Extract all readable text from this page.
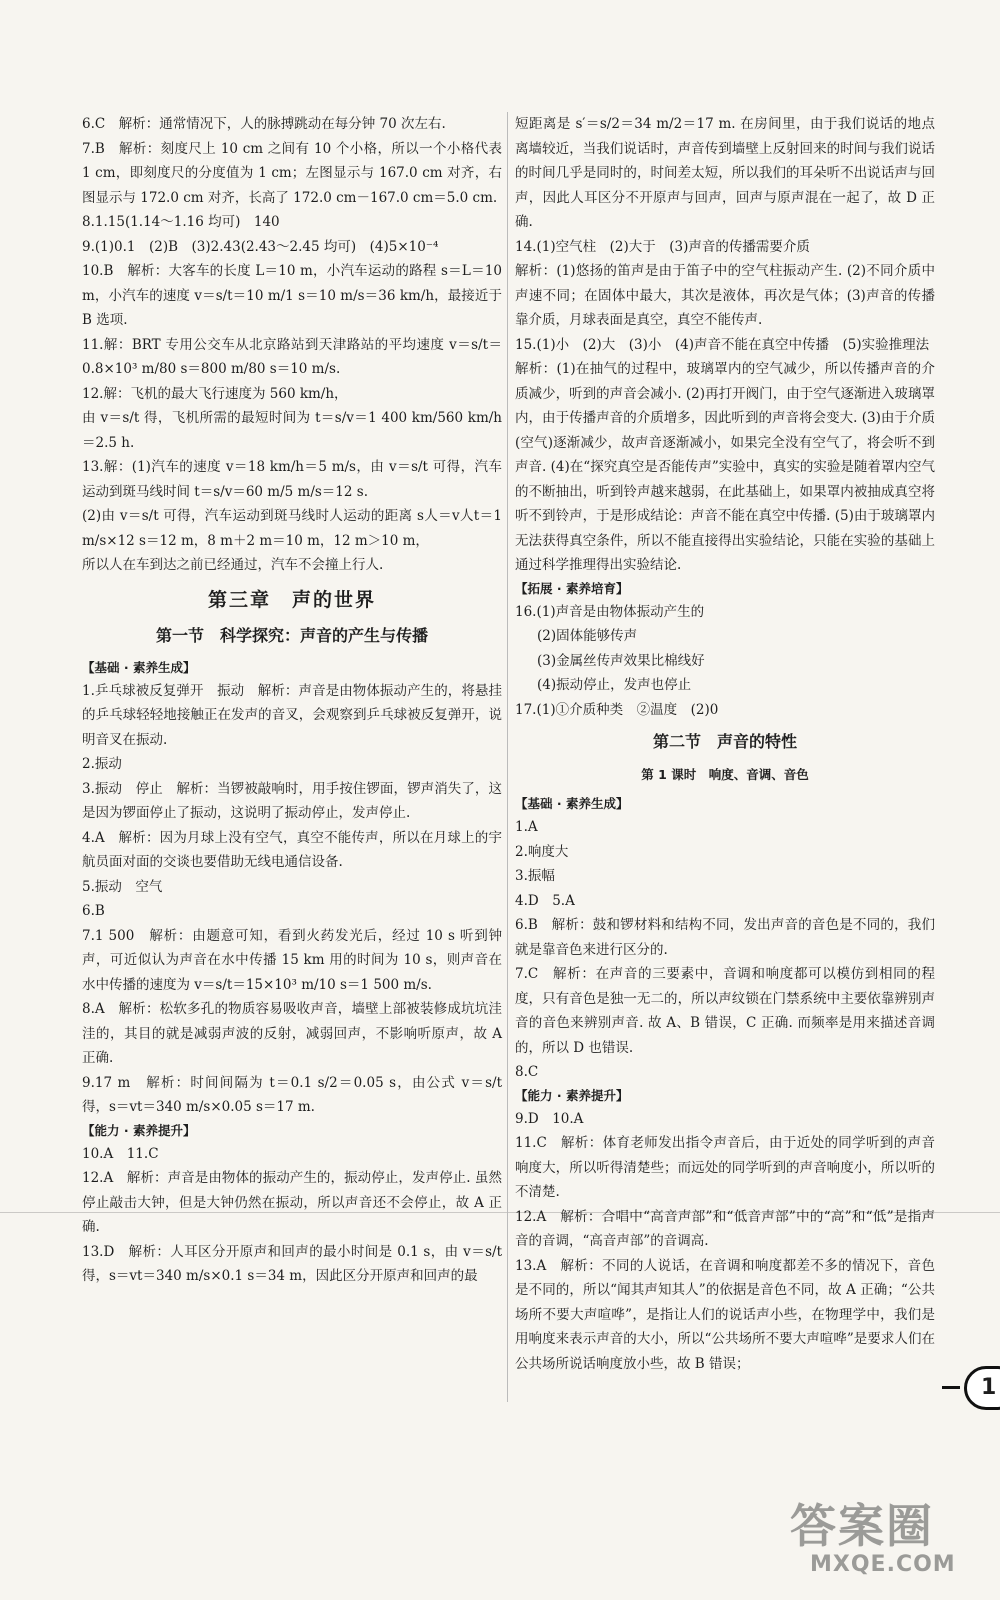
6.C　解析：通常情况下，人的脉搏跳动在每分钟 70 次左右.

7.B　解析：刻度尺上 10 cm 之间有 10 个小格，所以一个小格代表 1 cm，即刻度尺的分度值为 1 cm；左图显示与 167.0 cm 对齐，右图显示与 172.0 cm 对齐，长高了 172.0 cm－167.0 cm＝5.0 cm.

8.1.15(1.14～1.16 均可)　140

9.(1)0.1　(2)B　(3)2.43(2.43～2.45 均可)　(4)5×10⁻⁴

10.B　解析：大客车的长度 L＝10 m，小汽车运动的路程 s＝L＝10 m，小汽车的速度 v＝s/t＝10 m/1 s＝10 m/s＝36 km/h，最接近于 B 选项.

11.解：BRT 专用公交车从北京路站到天津路站的平均速度 v＝s/t＝0.8×10³ m/80 s＝800 m/80 s＝10 m/s.

12.解：飞机的最大飞行速度为 560 km/h，

由 v＝s/t 得，飞机所需的最短时间为 t＝s/v＝1 400 km/560 km/h＝2.5 h.

13.解：(1)汽车的速度 v＝18 km/h＝5 m/s，由 v＝s/t 可得，汽车运动到斑马线时间 t＝s/v＝60 m/5 m/s＝12 s.

(2)由 v＝s/t 可得，汽车运动到斑马线时人运动的距离 s人＝v人t＝1 m/s×12 s＝12 m，8 m＋2 m＝10 m，12 m＞10 m，

所以人在车到达之前已经通过，汽车不会撞上行人.

第三章　声的世界
第一节　科学探究：声音的产生与传播
【基础 · 素养生成】

1.乒乓球被反复弹开　振动　解析：声音是由物体振动产生的，将悬挂的乒乓球轻轻地接触正在发声的音叉，会观察到乒乓球被反复弹开，说明音叉在振动.

2.振动

3.振动　停止　解析：当锣被敲响时，用手按住锣面，锣声消失了，这是因为锣面停止了振动，这说明了振动停止，发声停止.

4.A　解析：因为月球上没有空气，真空不能传声，所以在月球上的宇航员面对面的交谈也要借助无线电通信设备.

5.振动　空气

6.B

7.1 500　解析：由题意可知，看到火药发光后，经过 10 s 听到钟声，可近似认为声音在水中传播 15 km 用的时间为 10 s，则声音在水中传播的速度为 v＝s/t＝15×10³ m/10 s＝1 500 m/s.

8.A　解析：松软多孔的物质容易吸收声音，墙壁上部被装修成坑坑洼洼的，其目的就是减弱声波的反射，减弱回声，不影响听原声，故 A 正确.

9.17 m　解析：时间间隔为 t＝0.1 s/2＝0.05 s，由公式 v＝s/t 得，s＝vt＝340 m/s×0.05 s＝17 m.

【能力 · 素养提升】

10.A　11.C

12.A　解析：声音是由物体的振动产生的，振动停止，发声停止. 虽然停止敲击大钟，但是大钟仍然在振动，所以声音还不会停止，故 A 正确.

13.D　解析：人耳区分开原声和回声的最小时间是 0.1 s，由 v＝s/t 得，s＝vt＝340 m/s×0.1 s＝34 m，因此区分开原声和回声的最

短距离是 s′＝s/2＝34 m/2＝17 m. 在房间里，由于我们说话的地点离墙较近，当我们说话时，声音传到墙壁上反射回来的时间与我们说话的时间几乎是同时的，时间差太短，所以我们的耳朵听不出说话声与回声，因此人耳区分不开原声与回声，回声与原声混在一起了，故 D 正确.

14.(1)空气柱　(2)大于　(3)声音的传播需要介质

解析：(1)悠扬的笛声是由于笛子中的空气柱振动产生. (2)不同介质中声速不同；在固体中最大，其次是液体，再次是气体；(3)声音的传播靠介质，月球表面是真空，真空不能传声.

15.(1)小　(2)大　(3)小　(4)声音不能在真空中传播　(5)实验推理法

解析：(1)在抽气的过程中，玻璃罩内的空气减少，所以传播声音的介质减少，听到的声音会减小. (2)再打开阀门，由于空气逐渐进入玻璃罩内，由于传播声音的介质增多，因此听到的声音将会变大. (3)由于介质(空气)逐渐减少，故声音逐渐减小，如果完全没有空气了，将会听不到声音. (4)在“探究真空是否能传声”实验中，真实的实验是随着罩内空气的不断抽出，听到铃声越来越弱，在此基础上，如果罩内被抽成真空将听不到铃声，于是形成结论：声音不能在真空中传播. (5)由于玻璃罩内无法获得真空条件，所以不能直接得出实验结论，只能在实验的基础上通过科学推理得出实验结论.

【拓展 · 素养培育】

16.(1)声音是由物体振动产生的

(2)固体能够传声

(3)金属丝传声效果比棉线好

(4)振动停止，发声也停止

17.(1)①介质种类　②温度　(2)0

第二节　声音的特性
第 1 课时　响度、音调、音色
【基础 · 素养生成】

1.A

2.响度大

3.振幅

4.D　5.A

6.B　解析：鼓和锣材料和结构不同，发出声音的音色是不同的，我们就是靠音色来进行区分的.

7.C　解析：在声音的三要素中，音调和响度都可以模仿到相同的程度，只有音色是独一无二的，所以声纹锁在门禁系统中主要依靠辨别声音的音色来辨别声音. 故 A、B 错误，C 正确. 而频率是用来描述音调的，所以 D 也错误.

8.C

【能力 · 素养提升】

9.D　10.A

11.C　解析：体育老师发出指令声音后，由于近处的同学听到的声音响度大，所以听得清楚些；而远处的同学听到的声音响度小，所以听的不清楚.

12.A　解析：合唱中“高音声部”和“低音声部”中的“高”和“低”是指声音的音调，“高音声部”的音调高.

13.A　解析：不同的人说话，在音调和响度都差不多的情况下，音色是不同的，所以“闻其声知其人”的依据是音色不同，故 A 正确；“公共场所不要大声喧哗”，是指让人们的说话声小些，在物理学中，我们是用响度来表示声音的大小，所以“公共场所不要大声喧哗”是要求人们在公共场所说话响度放小些，故 B 错误；

1
答案圈
MXQE.COM
